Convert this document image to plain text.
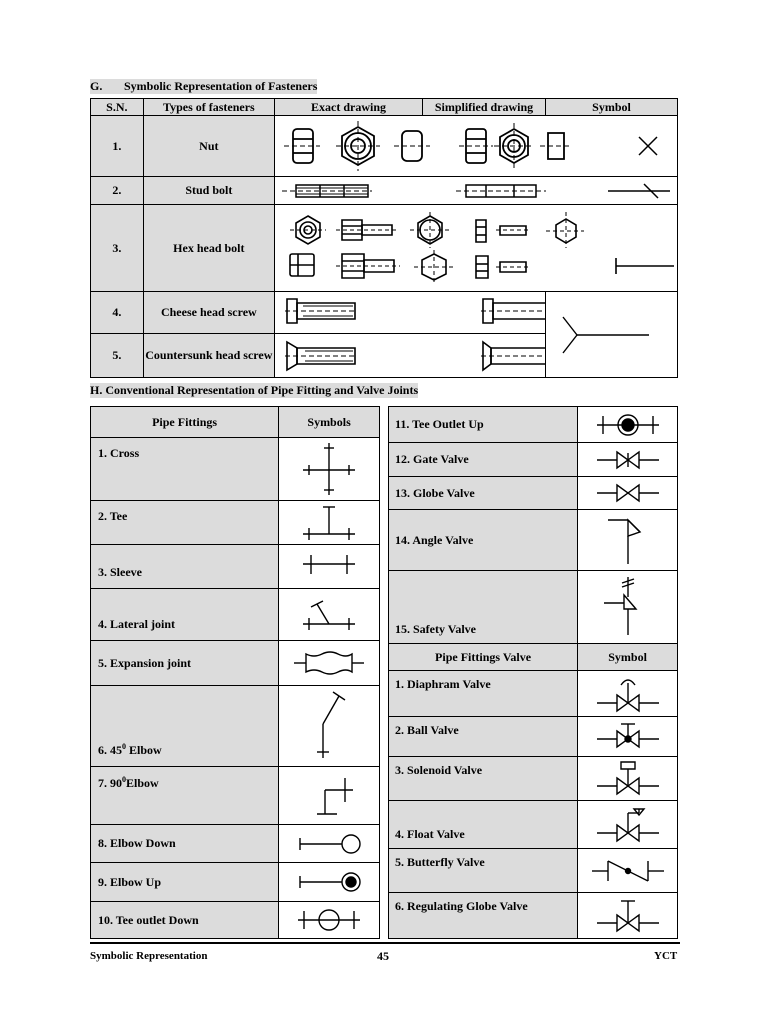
G. Symbolic Representation of Fasteners
S.N.	Types of fasteners	Exact drawing	Simplified drawing	Symbol
1.	Nut	

2.	Stud bolt	

3.	Hex head bolt	

4.	Cheese head screw	

5.	Countersunk head screw	
H. Conventional Representation of Pipe Fitting and Valve Joints
Pipe Fittings	Symbols
1. Cross	

2. Tee	

3. Sleeve	

4. Lateral joint	

5. Expansion joint	

6. $45^0$ Elbow	

7. $90^0Elbow$	

8. Elbow Down	

9. Elbow Up	

10. Tee outlet Down	
11. Tee Outlet Up	

12. Gate Valve	

13. Globe Valve	

14. Angle Valve	

15. Safety Valve	

Pipe Fittings Valve	Symbol
1. Diaphram Valve	

2. Ball Valve	

3. Solenoid Valve	

4. Float Valve	

5. Butterfly Valve	

6. Regulating Globe Valve	
Symbolic Representation	45	YCT
